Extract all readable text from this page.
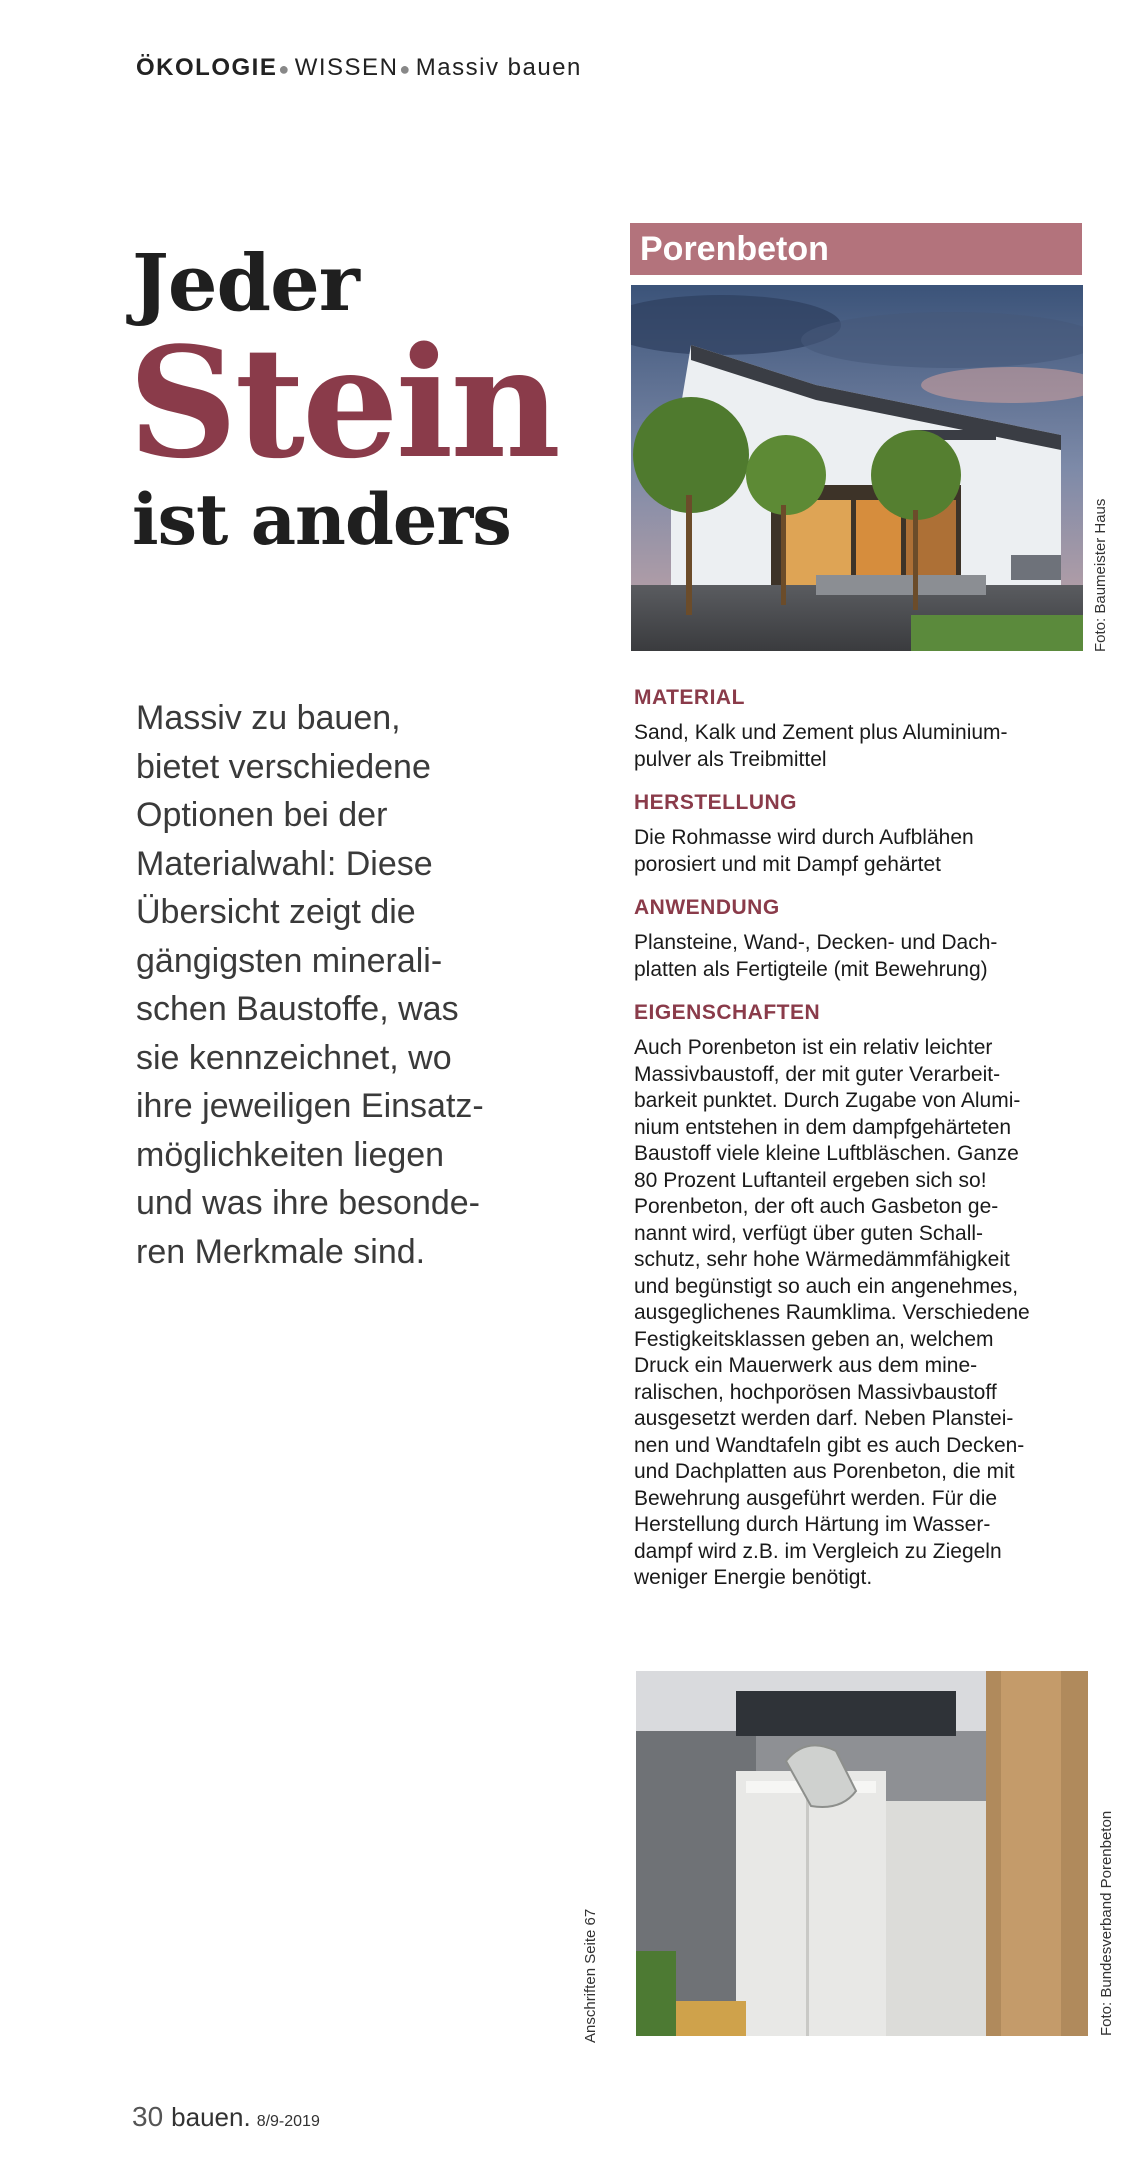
ÖKOLOGIE● WISSEN● Massiv bauen
Jeder
Stein
ist anders
Massiv zu bauen,
bietet verschiedene
Optionen bei der
Materialwahl: Diese
Übersicht zeigt die
gängigsten minerali-
schen Baustoffe, was
sie kennzeichnet, wo
ihre jeweiligen Einsatz-
möglichkeiten liegen
und was ihre besonde-
ren Merkmale sind.
Porenbeton
Foto: Baumeister Haus
MATERIAL
Sand, Kalk und Zement plus Aluminium-
pulver als Treibmittel
HERSTELLUNG
Die Rohmasse wird durch Aufblähen
porosiert und mit Dampf gehärtet
ANWENDUNG
Plansteine, Wand-, Decken- und Dach-
platten als Fertigteile (mit Bewehrung)
EIGENSCHAFTEN
Auch Porenbeton ist ein relativ leichter
Massivbaustoff, der mit guter Verarbeit-
barkeit punktet. Durch Zugabe von Alumi-
nium entstehen in dem dampfgehärteten
Baustoff viele kleine Luftbläschen. Ganze
80 Prozent Luftanteil ergeben sich so!
Porenbeton, der oft auch Gasbeton ge-
nannt wird, verfügt über guten Schall-
schutz, sehr hohe Wärmedämmfähigkeit
und begünstigt so auch ein angenehmes,
ausgeglichenes Raumklima. Verschiedene
Festigkeitsklassen geben an, welchem
Druck ein Mauerwerk aus dem mine-
ralischen, hochporösen Massivbaustoff
ausgesetzt werden darf. Neben Planstei-
nen und Wandtafeln gibt es auch Decken-
und Dachplatten aus Porenbeton, die mit
Bewehrung ausgeführt werden. Für die
Herstellung durch Härtung im Wasser-
dampf wird z.B. im Vergleich zu Ziegeln
weniger Energie benötigt.
Foto: Bundesverband Porenbeton
Anschriften Seite 67
30 bauen. 8/9-2019
